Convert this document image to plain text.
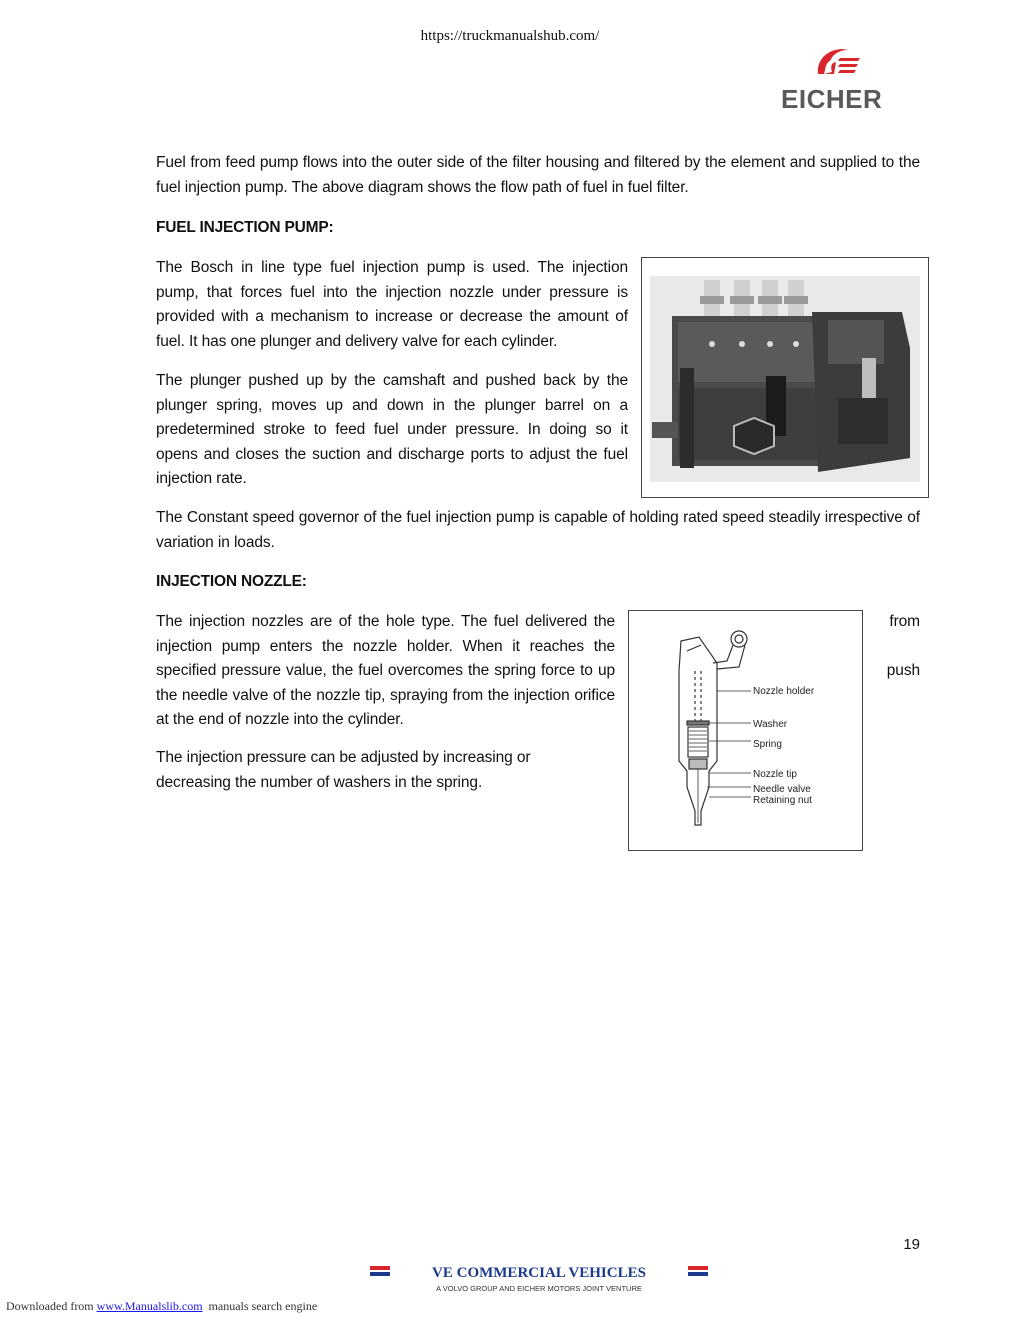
https://truckmanualshub.com/
EICHER
Fuel from feed pump flows into the outer side of the filter housing and filtered by the element and supplied to the fuel injection pump. The above diagram shows the flow path of fuel in fuel filter.
FUEL INJECTION PUMP:
The Bosch in line type fuel injection pump is used. The injection pump, that forces fuel into the injection nozzle under pressure is provided with a mechanism to increase or decrease the amount of fuel. It has one plunger and delivery valve for each cylinder.
The plunger pushed up by the camshaft and pushed back by the plunger spring, moves up and down in the plunger barrel on a predetermined stroke to feed fuel under pressure. In doing so it opens and closes the suction and discharge ports to adjust the fuel injection rate.
The Constant speed governor of the fuel injection pump is capable of holding rated speed steadily irrespective of variation in loads.
INJECTION NOZZLE:
The injection nozzles are of the hole type. The fuel delivered the injection pump enters the nozzle holder. When it reaches the specified pressure value, the fuel overcomes the spring force to up the needle valve of the nozzle tip, spraying from the injection orifice at the end of nozzle into the cylinder.
from
push
The injection pressure can be adjusted by increasing or
decreasing the number of washers in the spring.
Nozzle holder
Washer
Spring
Nozzle tip
Needle valve
Retaining nut
19
VE COMMERCIAL VEHICLES
A VOLVO GROUP AND EICHER MOTORS JOINT VENTURE
Downloaded from www.Manualslib.com manuals search engine
